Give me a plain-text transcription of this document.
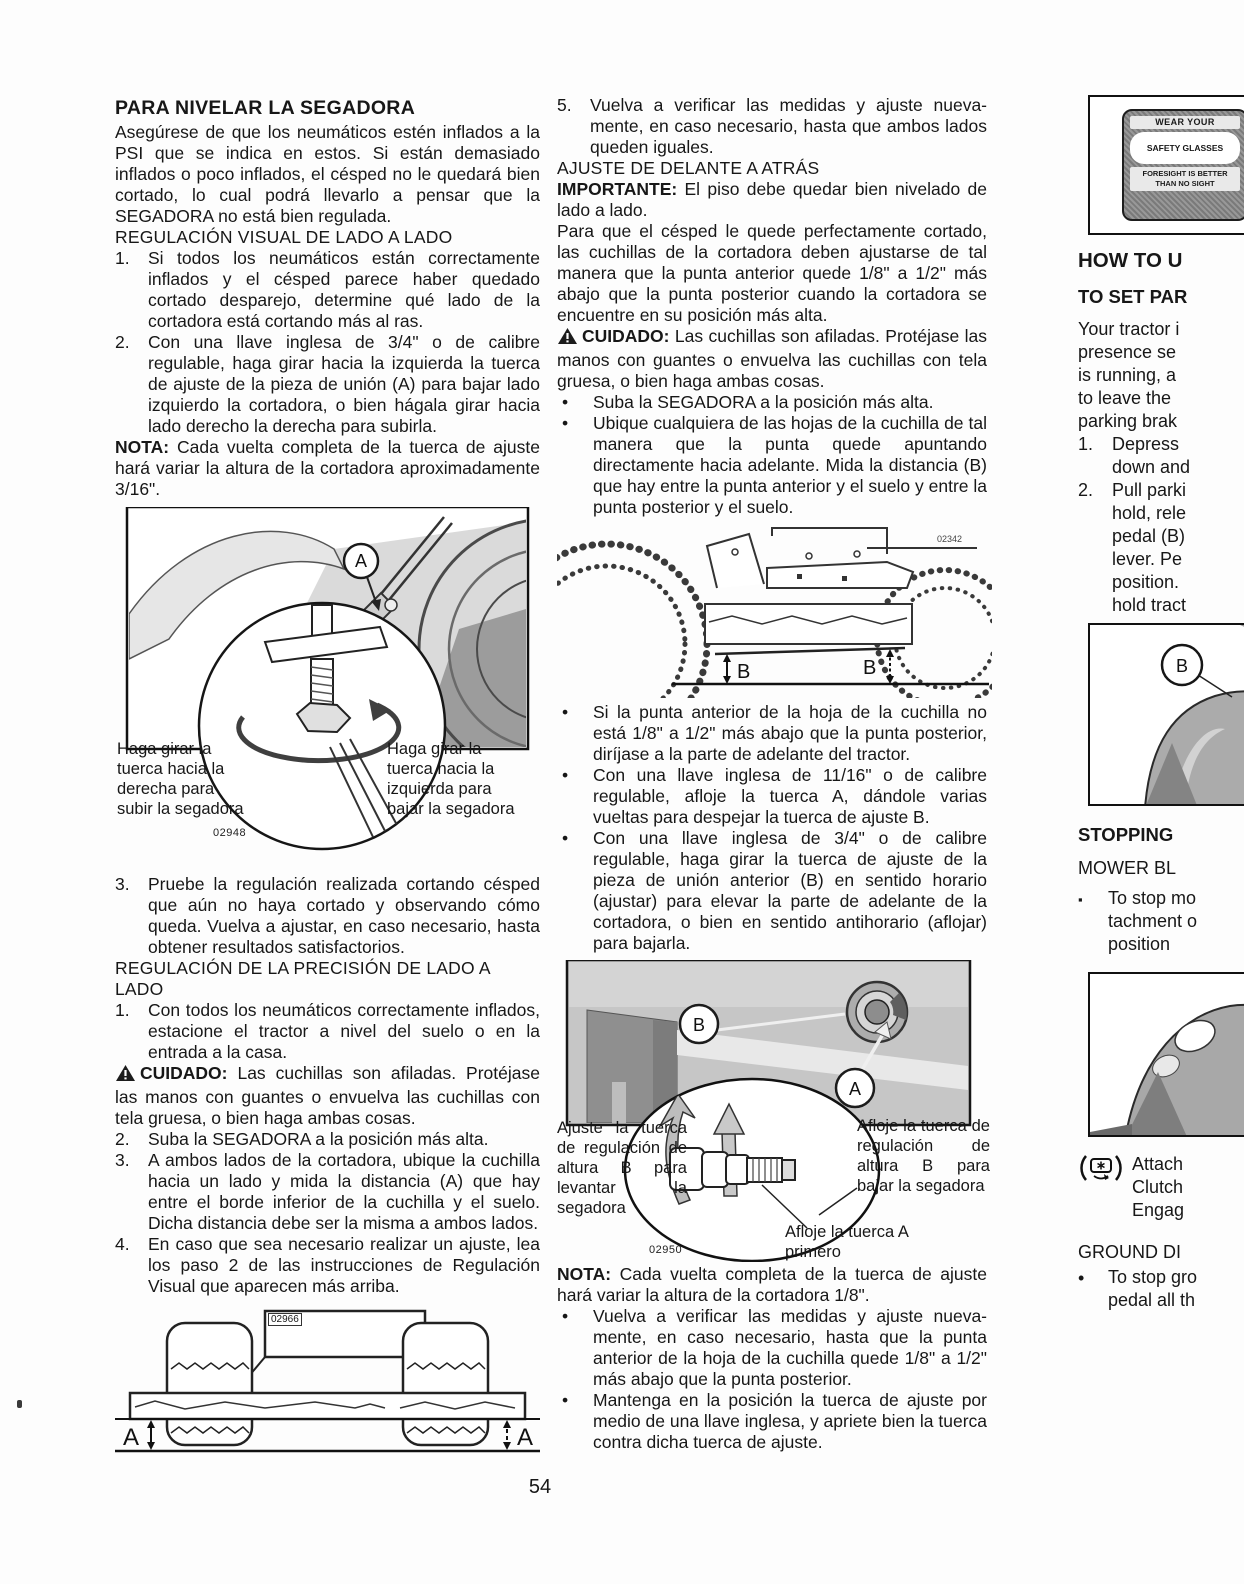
PARA NIVELAR LA SEGADORA

Asegúrese de que los neumáticos estén inflados a la PSI que se indica en estos. Si están demasiado inflados o poco inflados, el césped no le quedará bien cortado, lo cual podrá llevarlo a pensar que la SEGADORA no está bien regulada.

REGULACIÓN VISUAL DE LADO A LADO

1.	Si todos los neumáticos están correctamente inflados y el césped parece haber quedado cortado desparejo, determine qué lado de la cortadora está cortando más al ras.
2.	Con una llave inglesa de 3/4" o de calibre regulable, haga girar hacia la izquierda la tuerca de ajuste de la pieza de unión (A) para bajar lado izquierdo la cortadora, o bien hágala girar hacia lado derecho la derecha para subirla.

NOTA: Cada vuelta completa de la tuerca de ajuste hará variar la altura de la cortadora aproximadamente 3/16".

A
Haga girar la tuerca hacia la derecha para subir la segadora
Haga girar la tuerca hacia la izquierda para bajar la segadora
02948
3.	Pruebe la regulación realizada cortando césped que aún no haya cortado y observando cómo queda. Vuelva a ajustar, en caso necesario, hasta obtener resultados satisfactorios.

REGULACIÓN DE LA PRECISIÓN DE LADO A LADO

1.	Con todos los neumáticos correctamente inflados, estacione el tractor a nivel del suelo o en la entrada a la casa.

CUIDADO: Las cuchillas son afiladas. Protéjase las manos con guantes o envuelva las cuchillas con tela gruesa, o bien haga ambas cosas.

2.	Suba la SEGADORA a la posición más alta.
3.	A ambos lados de la cortadora, ubique la cuchilla hacia un lado y mida la distancia (A) que hay entre el borde inferior de la cuchilla y el suelo. Dicha distancia debe ser la misma a ambos lados.
4.	En caso que sea necesario realizar un ajuste, lea los paso 2 de las instrucciones de Regulación Visual que aparecen más arriba.
A	A
02966
5.	Vuelva a verificar las medidas y ajuste nuevamente, en caso necesario, hasta que ambos lados queden iguales.

AJUSTE DE DELANTE A ATRÁS

IMPORTANTE: El piso debe quedar bien nivelado de lado a lado.

Para que el césped le quede perfectamente cortado, las cuchillas de la cortadora deben ajustarse de tal manera que la punta anterior quede 1/8" a 1/2" más abajo que la punta posterior cuando la cortadora se encuentre en su posición más alta.

CUIDADO: Las cuchillas son afiladas. Protéjase las manos con guantes o envuelva las cuchillas con tela gruesa, o bien haga ambas cosas.

•	Suba la SEGADORA a la posición más alta.
•	Ubique cualquiera de las hojas de la cuchilla de tal manera que la punta quede apuntando directamente hacia adelante. Mida la distancia (B) que hay entre la punta anterior y el suelo y entre la punta posterior y el suelo.
B	B
02342
•	Si la punta anterior de la hoja de la cuchilla no está 1/8" a 1/2" más abajo que la punta posterior, diríjase a la parte de adelante del tractor.
•	Con una llave inglesa de 11/16" o de calibre regulable, afloje la tuerca A, dándole varias vueltas para despejar la tuerca de ajuste B.
•	Con una llave inglesa de 3/4" o de calibre regulable, haga girar la tuerca de ajuste de la pieza de unión anterior (B) en sentido horario (ajustar) para elevar la parte de adelante de la cortadora, o bien en sentido antihorario (aflojar) para bajarla.
B
A
Ajuste la tuerca de regulación de altura B para levantar la segadora
Afloje la tuerca de regulación de altura B para bajar la segadora
Afloje la tuerca A primero
02950

NOTA: Cada vuelta completa de la tuerca de ajuste hará variar la altura de la cortadora 1/8".

•	Vuelva a verificar las medidas y ajuste nuevamente, en caso necesario, hasta que la punta anterior de la hoja de la cuchilla quede 1/8" a 1/2" más abajo que la punta posterior.
•	Mantenga en la posición la tuerca de ajuste por medio de una llave inglesa, y apriete bien la tuerca contra dicha tuerca de ajuste.
WEAR YOUR
SAFETY GLASSES
FORESIGHT IS BETTER
THAN NO SIGHT
HOW TO U
TO SET PAR
Your tractor i
presence se
is running, a
to leave the
parking brak
1.	Depress
down and
2.	Pull parki
hold, rele
pedal (B)
lever. Pe
position.
hold tract
B
STOPPING
MOWER BL
▪	To stop mo
tachment o
position
Attach
Clutch
Engag
GROUND DI
•	To stop gro
pedal all th
54
